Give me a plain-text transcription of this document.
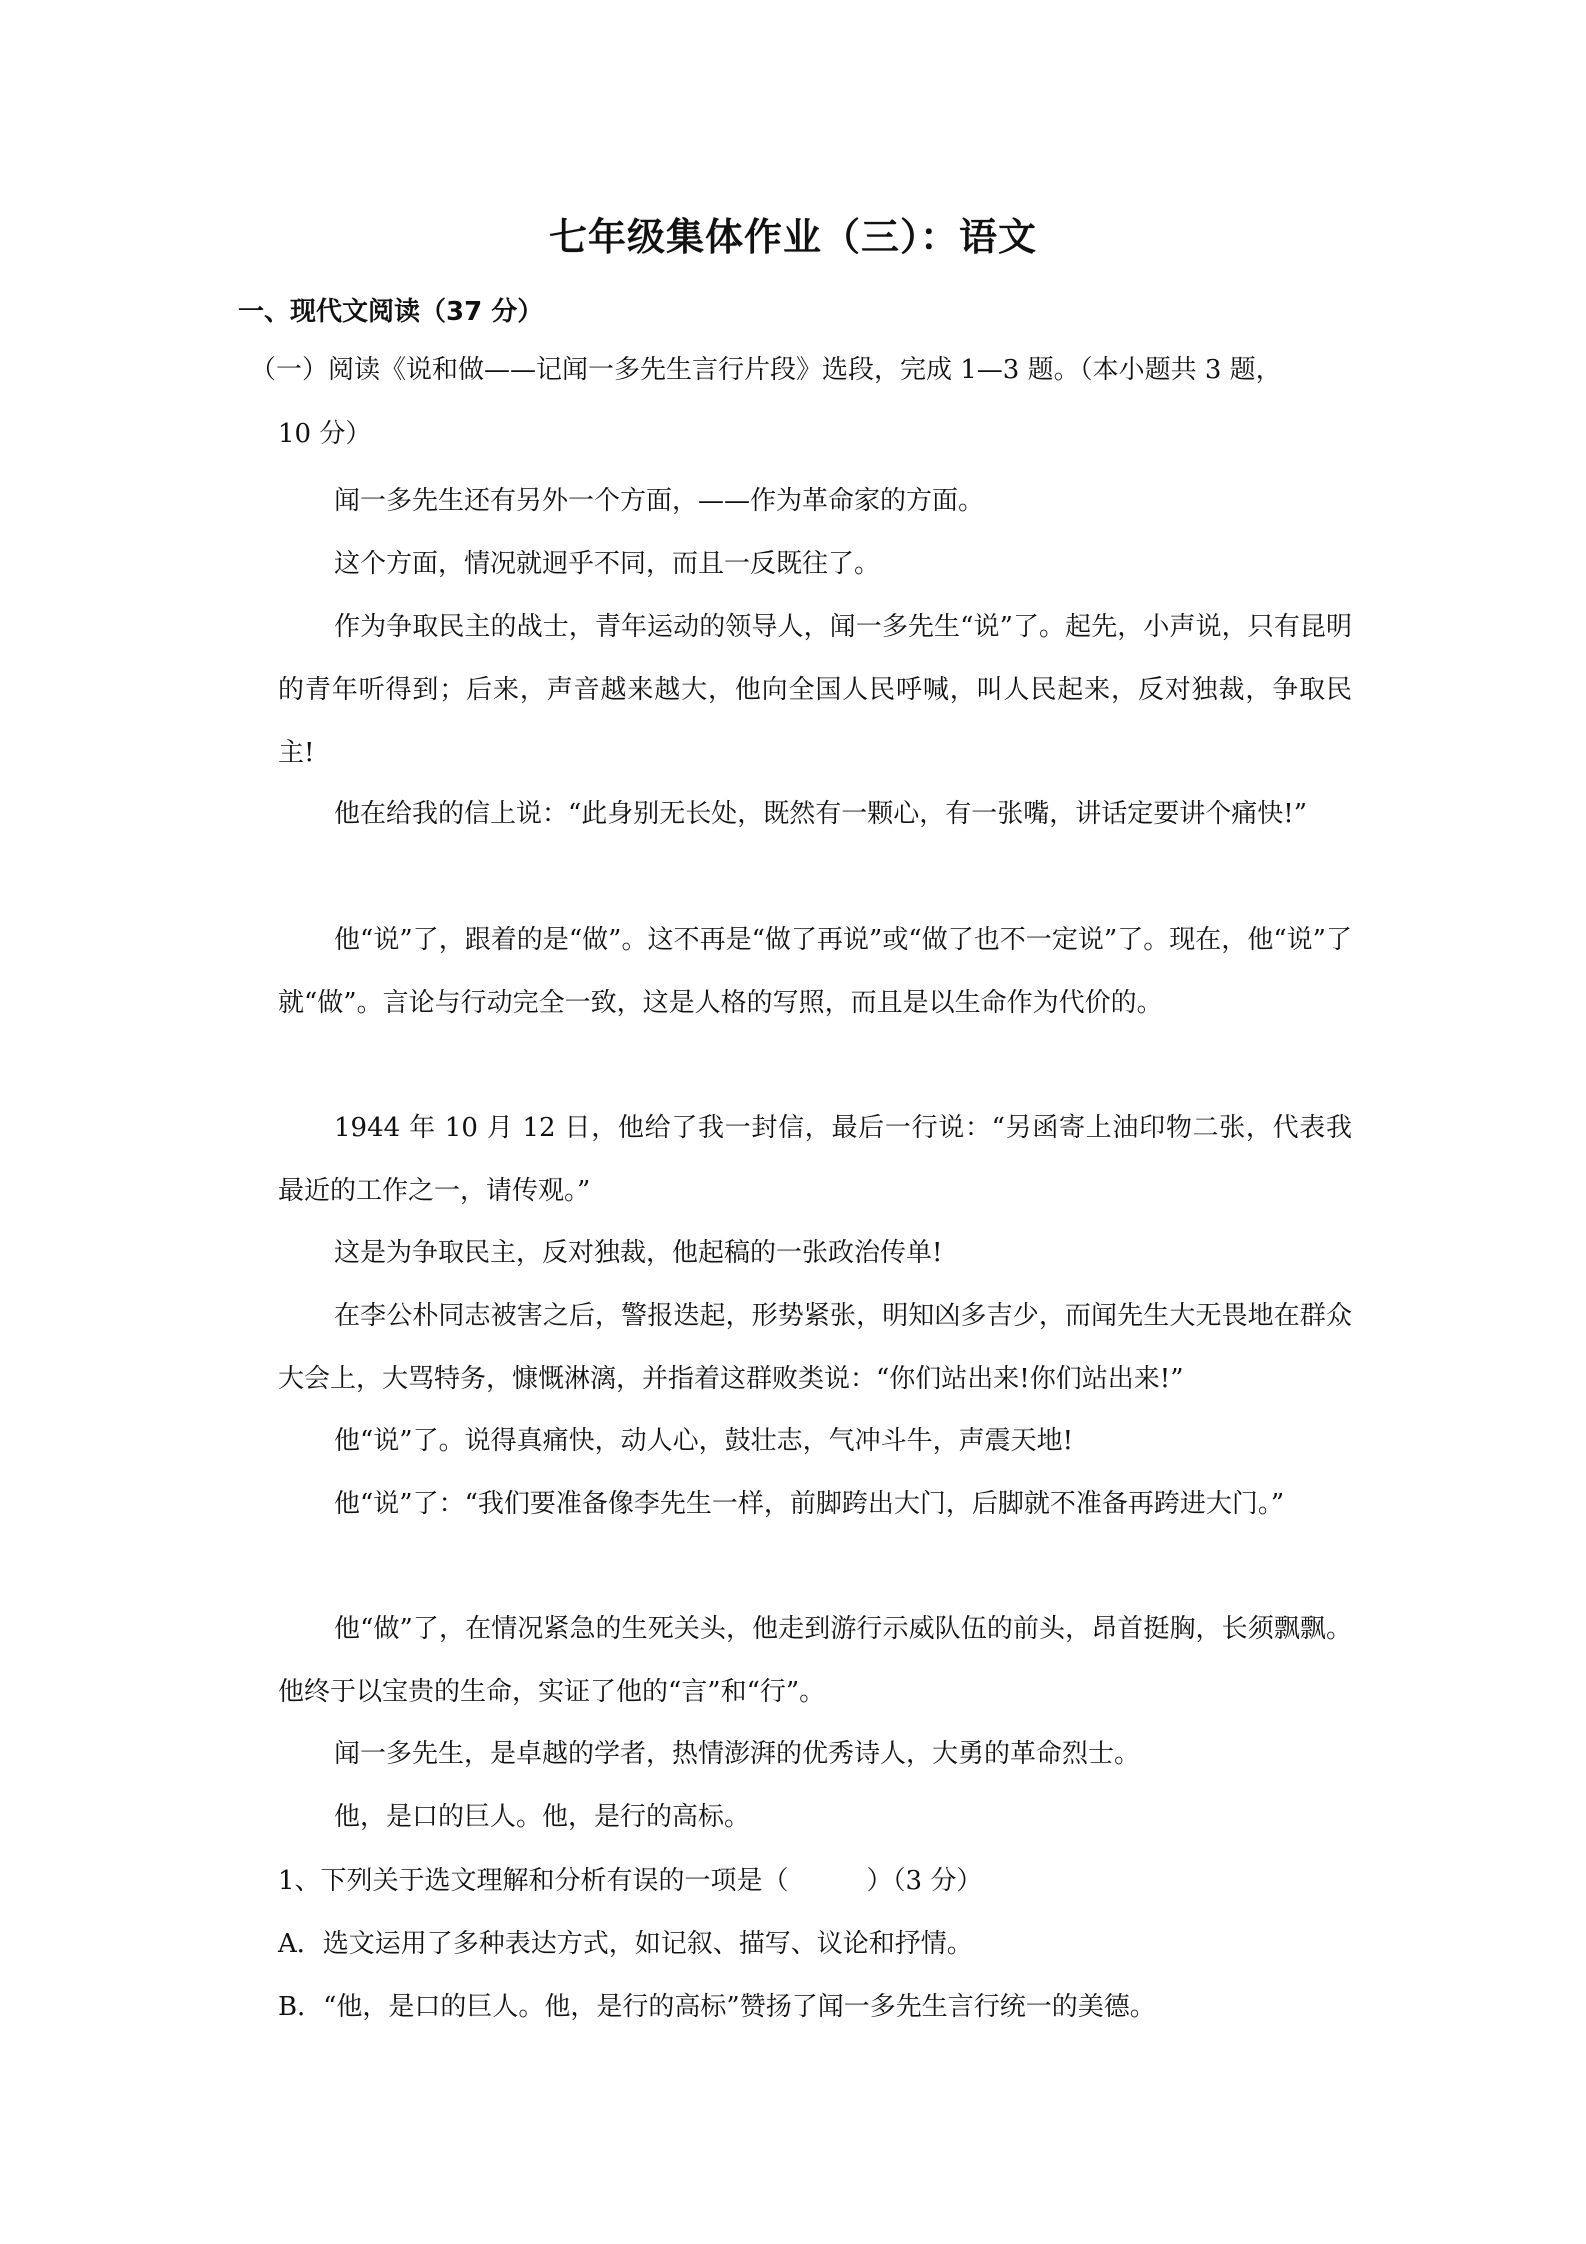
七年级集体作业（三）：语文
一、现代文阅读（37 分）
（一）阅读《说和做——记闻一多先生言行片段》选段，完成 1—3 题。（本小题共 3 题，
10 分）
闻一多先生还有另外一个方面，——作为革命家的方面。
这个方面，情况就迥乎不同，而且一反既往了。
作为争取民主的战士，青年运动的领导人，闻一多先生“说”了。起先，小声说，只有昆明的青年听得到；后来，声音越来越大，他向全国人民呼喊，叫人民起来，反对独裁，争取民主!
他在给我的信上说：“此身别无长处，既然有一颗心，有一张嘴，讲话定要讲个痛快!”
他“说”了，跟着的是“做”。这不再是“做了再说”或“做了也不一定说”了。现在，他“说”了就“做”。言论与行动完全一致，这是人格的写照，而且是以生命作为代价的。
1944 年 10 月 12 日，他给了我一封信，最后一行说：“另函寄上油印物二张，代表我最近的工作之一，请传观。”
这是为争取民主，反对独裁，他起稿的一张政治传单!
在李公朴同志被害之后，警报迭起，形势紧张，明知凶多吉少，而闻先生大无畏地在群众大会上，大骂特务，慷慨淋漓，并指着这群败类说：“你们站出来!你们站出来!”
他“说”了。说得真痛快，动人心，鼓壮志，气冲斗牛，声震天地!
他“说”了：“我们要准备像李先生一样，前脚跨出大门，后脚就不准备再跨进大门。”
他“做”了，在情况紧急的生死关头，他走到游行示威队伍的前头，昂首挺胸，长须飘飘。他终于以宝贵的生命，实证了他的“言”和“行”。
闻一多先生，是卓越的学者，热情澎湃的优秀诗人，大勇的革命烈士。
他，是口的巨人。他，是行的高标。
1、下列关于选文理解和分析有误的一项是（　　　）（3 分）
A．选文运用了多种表达方式，如记叙、描写、议论和抒情。
B．“他，是口的巨人。他，是行的高标”赞扬了闻一多先生言行统一的美德。
